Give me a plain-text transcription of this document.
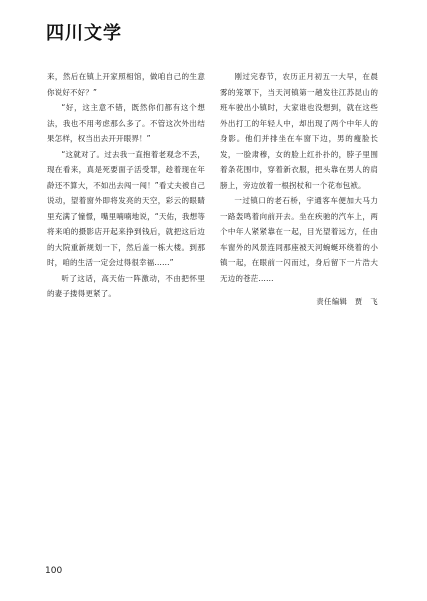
四川文学

来，然后在镇上开家照相馆，做咱自己的生意你说好不好？”

“好，这主意不错，既然你们都有这个想法，我也不用考虑那么多了。不管这次外出结果怎样，权当出去开开眼界！”

“这就对了。过去我一直抱着老观念不丢，现在看来，真是死要面子活受罪，趁着现在年龄还不算大，不如出去闯一闯！”看丈夫被自己说动，望着窗外即将发亮的天空，彩云的眼睛里充满了憧憬，嘴里喃喃地说，“天佑，我想等将来咱的摄影店开起来挣到钱后，就把这后边的大院重新规划一下，然后盖一栋大楼。到那时，咱的生活一定会过得很幸福……”

听了这话，高天佑一阵激动，不由把怀里的妻子搂得更紧了。

刚过完春节，农历正月初五一大早，在晨雾的笼罩下，当天河镇第一趟发往江苏昆山的班车驶出小镇时，大家谁也没想到，就在这些外出打工的年轻人中，却出现了两个中年人的身影。他们并排坐在车窗下边，男的瘦脸长发，一脸肃穆，女的脸上红扑扑的，脖子里围着条花围巾，穿着新衣服，把头靠在男人的肩膀上，旁边放着一根拐杖和一个花布包袱。

一过镇口的老石桥，宇通客车便加大马力一路轰鸣着向前开去。坐在疾驰的汽车上，两个中年人紧紧靠在一起，目光望着远方，任由车窗外的风景连同那座被天河蜿蜒环绕着的小镇一起，在眼前一闪而过，身后留下一片浩大无边的苍茫……

责任编辑　贾　飞

100
